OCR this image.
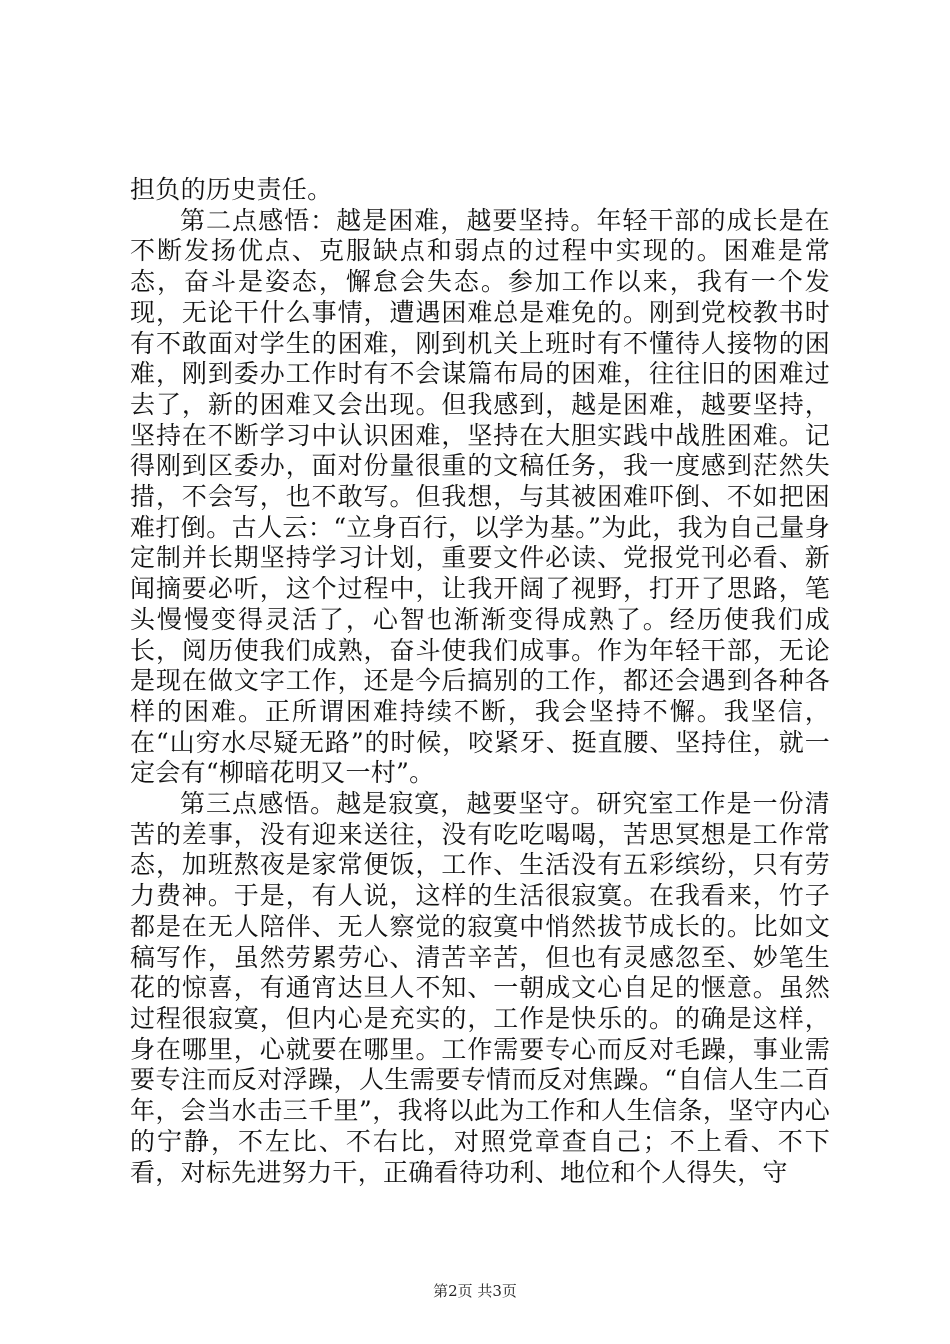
担负的历史责任。

第二点感悟：越是困难，越要坚持。年轻干部的成长是在不断发扬优点、克服缺点和弱点的过程中实现的。困难是常态，奋斗是姿态，懈怠会失态。参加工作以来，我有一个发现，无论干什么事情，遭遇困难总是难免的。刚到党校教书时有不敢面对学生的困难，刚到机关上班时有不懂待人接物的困难，刚到委办工作时有不会谋篇布局的困难，往往旧的困难过去了，新的困难又会出现。但我感到，越是困难，越要坚持，坚持在不断学习中认识困难，坚持在大胆实践中战胜困难。记得刚到区委办，面对份量很重的文稿任务，我一度感到茫然失措，不会写，也不敢写。但我想，与其被困难吓倒、不如把困难打倒。古人云：“立身百行，以学为基。”为此，我为自己量身定制并长期坚持学习计划，重要文件必读、党报党刊必看、新闻摘要必听，这个过程中，让我开阔了视野，打开了思路，笔头慢慢变得灵活了，心智也渐渐变得成熟了。经历使我们成长，阅历使我们成熟，奋斗使我们成事。作为年轻干部，无论是现在做文字工作，还是今后搞别的工作，都还会遇到各种各样的困难。正所谓困难持续不断，我会坚持不懈。我坚信，在“山穷水尽疑无路”的时候，咬紧牙、挺直腰、坚持住，就一定会有“柳暗花明又一村”。

第三点感悟。越是寂寞，越要坚守。研究室工作是一份清苦的差事，没有迎来送往，没有吃吃喝喝，苦思冥想是工作常态，加班熬夜是家常便饭，工作、生活没有五彩缤纷，只有劳力费神。于是，有人说，这样的生活很寂寞。在我看来，竹子都是在无人陪伴、无人察觉的寂寞中悄然拔节成长的。比如文稿写作，虽然劳累劳心、清苦辛苦，但也有灵感忽至、妙笔生花的惊喜，有通宵达旦人不知、一朝成文心自足的惬意。虽然过程很寂寞，但内心是充实的，工作是快乐的。的确是这样，身在哪里，心就要在哪里。工作需要专心而反对毛躁，事业需要专注而反对浮躁，人生需要专情而反对焦躁。“自信人生二百年，会当水击三千里”，我将以此为工作和人生信条，坚守内心的宁静，不左比、不右比，对照党章查自己；不上看、不下看，对标先进努力干，正确看待功利、地位和个人得失，守

第2页 共3页
